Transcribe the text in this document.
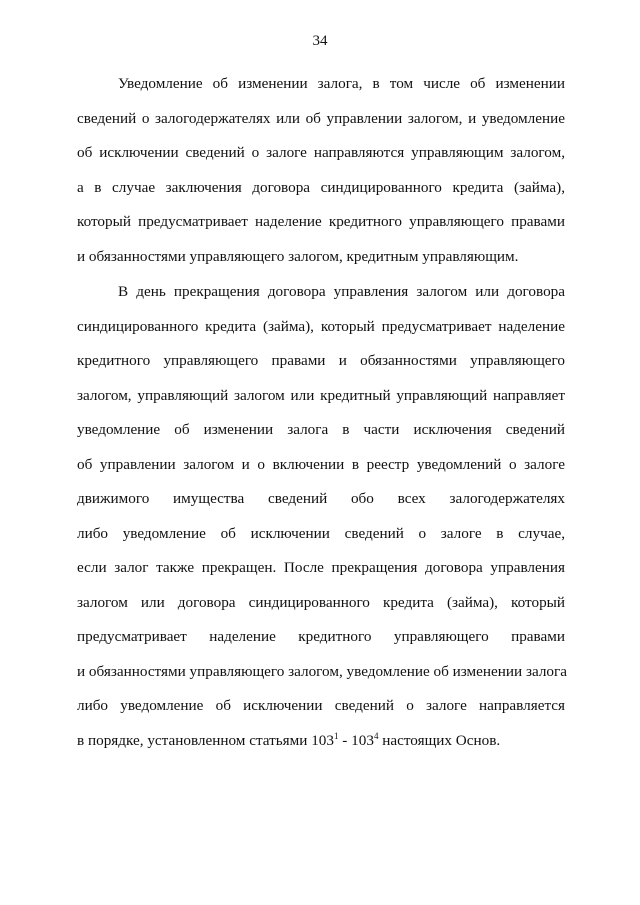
34
Уведомление об изменении залога, в том числе об изменении
сведений о залогодержателях или об управлении залогом, и уведомление
об исключении сведений о залоге направляются управляющим залогом,
а в случае заключения договора синдицированного кредита (займа),
который предусматривает наделение кредитного управляющего правами
и обязанностями управляющего залогом, кредитным управляющим.
В день прекращения договора управления залогом или договора
синдицированного кредита (займа), который предусматривает наделение
кредитного управляющего правами и обязанностями управляющего
залогом, управляющий залогом или кредитный управляющий направляет
уведомление об изменении залога в части исключения сведений
об управлении залогом и о включении в реестр уведомлений о залоге
движимого имущества сведений обо всех залогодержателях
либо уведомление об исключении сведений о залоге в случае,
если залог также прекращен. После прекращения договора управления
залогом или договора синдицированного кредита (займа), который
предусматривает наделение кредитного управляющего правами
и обязанностями управляющего залогом, уведомление об изменении залога
либо уведомление об исключении сведений о залоге направляется
в порядке, установленном статьями $103^1 - 103^4$ настоящих Основ.
